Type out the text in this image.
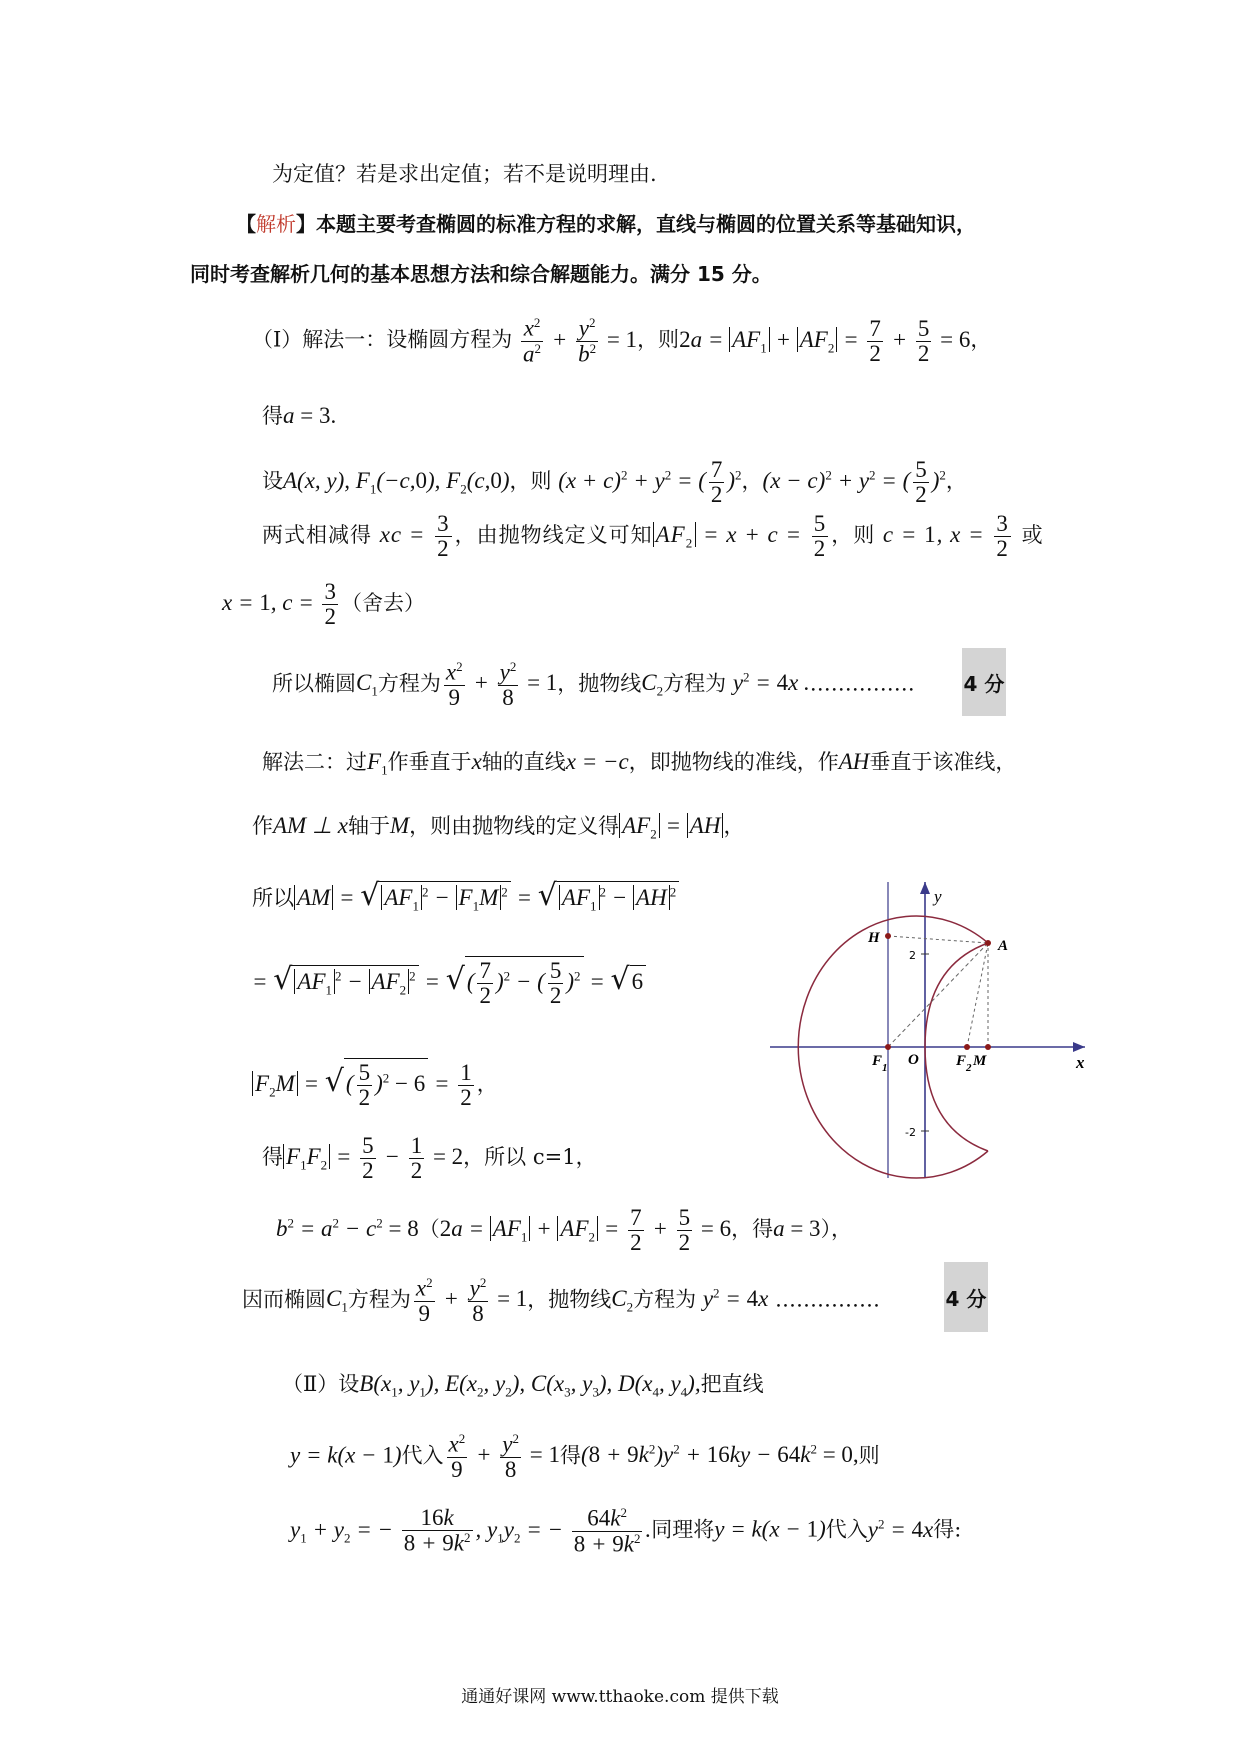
为定值？若是求出定值；若不是说明理由.
【解析】本题主要考查椭圆的标准方程的求解，直线与椭圆的位置关系等基础知识，
同时考查解析几何的基本思想方法和综合解题能力。满分 15 分。
（Ⅰ）解法一：设椭圆方程为 $\frac{x^2}{a^2} + \frac{y^2}{b^2} = 1$，则$2a = AF_1 + AF_2 = \frac{7}{2} + \frac{5}{2} = 6$，
得a = 3.
设A(x, y), $F_1(-c,0)$, $F_2(c,0)$，则 $(x + c)^2 + y^2$ = ( $\frac{7}{2} )^2$，$(x - c)^2 + y^2$ = ( $\frac{5}{2} )^2$，
两式相减得 xc = $\frac{3}{2}$ ，由抛物线定义可知 $AF_2 = x + c = \frac{5}{2}$ ，则 c = 1, $x = \frac{3}{2}$ 或
x = 1, $c = \frac{3}{2}$ （舍去）
所以椭圆$C_1$方程为 $\frac{x^2}{9} + \frac{y^2}{8} = 1$，抛物线$C_2$方程为 $y^2 = 4x$ .…………… 4 分
解法二：过$F_1$作垂直于x轴的直线x = −c，即抛物线的准线，作AH垂直于该准线，
作AM ⊥ x轴于M，则由抛物线的定义得 $AF_2$ = AH ，
所以 AM = √ $AF_1^2 - F_1M$ $^2$ = √ $AF_1^2$ − AH $^2$
= √ $AF_1^2 - AF_2^2$ = √( $\frac{7}{2} )^2$ − ( $\frac{5}{2} )^2 = √6$
$F_2M$ = √( $\frac{5}{2} )^2 - 6 = \frac{1}{2}$ ，
得 $F_1F_2 = \frac{5}{2} - \frac{1}{2} = 2$，所以 c=1，
$b^2 = a^2 - c^2 = 8(2a = AF_1 + AF_2 = \frac{7}{2} + \frac{5}{2} = 6$，得a = 3），
因而椭圆$C_1$方程为 $\frac{x^2}{9} + \frac{y^2}{8} = 1$，抛物线$C_2$方程为 $y^2 = 4x$ ……………	4 分
（Ⅱ）设$B(x_1$, $y_1$), $E(x_2$, $y_2$), $C(x_3$, $y_3$), $D(x_4$, $y_4$),把直线
y = k(x − 1)代入 $\frac{x^2}{9} + \frac{y^2}{8} = 1$得$(8 + 9k^2)y^2 + 16ky - 64k^2 = 0$,则
$y_1 + y_2$ = − $\frac{16k}{8 + 9k^2}$ , $y_1y_2$ = − $\frac{64k^2}{8 + 9k^2}$ .同理将y = k(x − 1)代入$y^2 = 4x$得:
y
x
H	A
O
F 1	F 2 M
2
-2
通通好课网 www.tthaoke.com 提供下载
